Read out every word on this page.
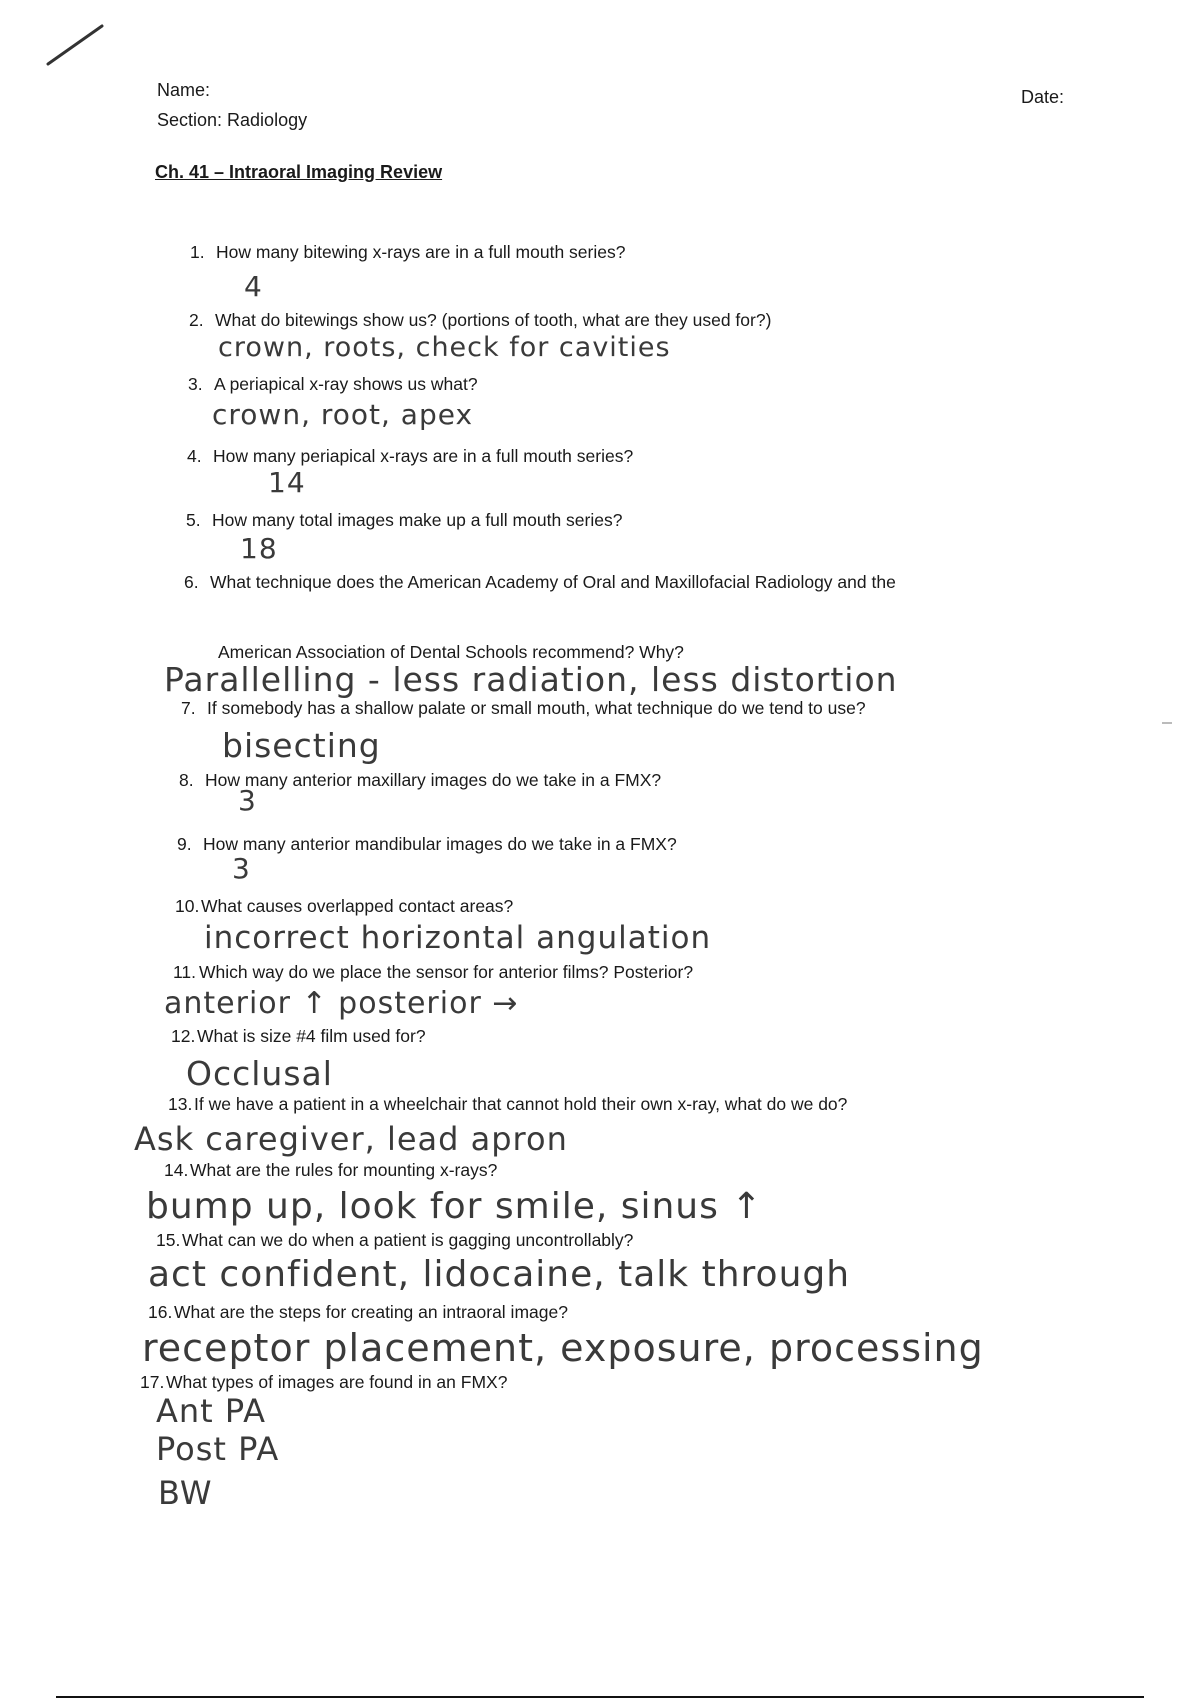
Name:
Section: Radiology
Date:
Ch. 41 – Intraoral Imaging Review
1. How many bitewing x-rays are in a full mouth series?
4
2. What do bitewings show us? (portions of tooth, what are they used for?)
crown, roots, check for cavities
3. A periapical x-ray shows us what?
crown, root, apex
4. How many periapical x-rays are in a full mouth series?
14
5. How many total images make up a full mouth series?
18
6. What technique does the American Academy of Oral and Maxillofacial Radiology and the
American Association of Dental Schools recommend? Why?
Parallelling - less radiation, less distortion
7. If somebody has a shallow palate or small mouth, what technique do we tend to use?
bisecting
8. How many anterior maxillary images do we take in a FMX?
3
9. How many anterior mandibular images do we take in a FMX?
3
10.What causes overlapped contact areas?
incorrect horizontal angulation
11. Which way do we place the sensor for anterior films? Posterior?
anterior ↑ posterior →
12.What is size #4 film used for?
Occlusal
13.If we have a patient in a wheelchair that cannot hold their own x-ray, what do we do?
Ask caregiver, lead apron
14.What are the rules for mounting x-rays?
bump up, look for smile, sinus ↑
15.What can we do when a patient is gagging uncontrollably?
act confident, lidocaine, talk through
16.What are the steps for creating an intraoral image?
receptor placement, exposure, processing
17.What types of images are found in an FMX?
Ant PA
Post PA
BW
